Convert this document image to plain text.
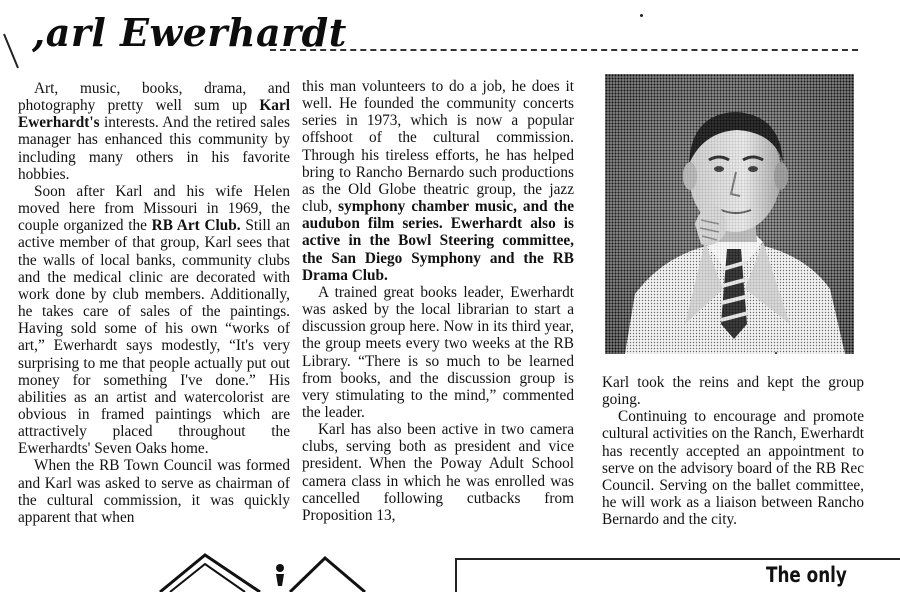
,arl Ewerhardt

Art, music, books, drama, and photography pretty well sum up Karl Ewerhardt's interests. And the retired sales manager has enhanced this community by including many others in his favorite hobbies.

Soon after Karl and his wife Helen moved here from Missouri in 1969, the couple organized the RB Art Club. Still an active member of that group, Karl sees that the walls of local banks, community clubs and the medical clinic are decorated with work done by club members. Additionally, he takes care of sales of the paintings. Having sold some of his own “works of art,” Ewerhardt says modestly, “It's very surprising to me that people actually put out money for something I've done.” His abilities as an artist and watercolorist are obvious in framed paintings which are attractively placed throughout the Ewerhardts' Seven Oaks home.

When the RB Town Council was formed and Karl was asked to serve as chairman of the cultural commission, it was quickly apparent that when

this man volunteers to do a job, he does it well. He founded the community concerts series in 1973, which is now a popular offshoot of the cultural commission. Through his tireless efforts, he has helped bring to Rancho Bernardo such productions as the Old Globe theatric group, the jazz club, symphony chamber music, and the audubon film series. Ewerhardt also is active in the Bowl Steering committee, the San Diego Symphony and the RB Drama Club.

A trained great books leader, Ewerhardt was asked by the local librarian to start a discussion group here. Now in its third year, the group meets every two weeks at the RB Library. “There is so much to be learned from books, and the discussion group is very stimulating to the mind,” commented the leader.

Karl has also been active in two camera clubs, serving both as president and vice president. When the Poway Adult School camera class in which he was enrolled was cancelled following cutbacks from Proposition 13,

Karl took the reins and kept the group going.

Continuing to encourage and promote cultural activities on the Ranch, Ewerhardt has recently accepted an appointment to serve on the advisory board of the RB Rec Council. Serving on the ballet committee, he will work as a liaison between Rancho Bernardo and the city.

The only
